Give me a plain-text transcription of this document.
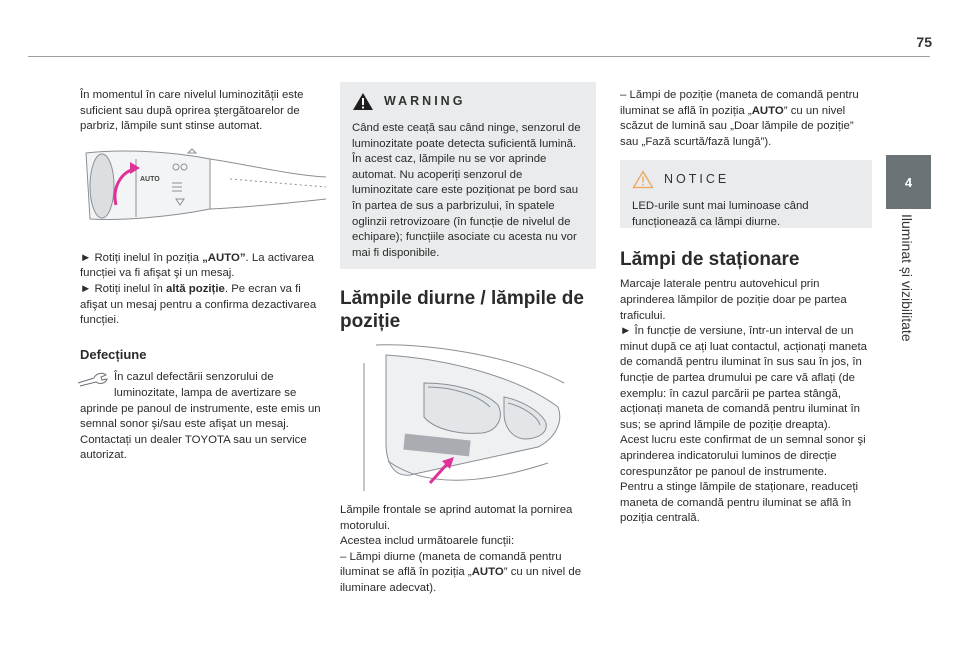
75
4
Iluminat și vizibilitate

În momentul în care nivelul luminozității este suficient sau după oprirea ştergătoarelor de parbriz, lămpile sunt stinse automat.

AUTO

► Rotiți inelul în poziția „AUTO”. La activarea funcției va fi afişat şi un mesaj.

► Rotiți inelul în altă poziție. Pe ecran va fi afişat un mesaj pentru a confirma dezactivarea funcției.

Defecțiune

În cazul defectării senzorului de luminozitate, lampa de avertizare se aprinde pe panoul de instrumente, este emis un semnal sonor şi/sau este afişat un mesaj. Contactați un dealer TOYOTA sau un service autorizat.

WARNING

Când este ceață sau când ninge, senzorul de luminozitate poate detecta suficientă lumină. În acest caz, lămpile nu se vor aprinde automat. Nu acoperiți senzorul de luminozitate care este poziționat pe bord sau în partea de sus a parbrizului, în spatele oglinzii retrovizoare (în funcție de nivelul de echipare); funcțiile asociate cu acesta nu vor mai fi disponibile.

Lămpile diurne / lămpile de poziție

Lămpile frontale se aprind automat la pornirea motorului.

Acestea includ următoarele funcții:

– Lămpi diurne (maneta de comandă pentru iluminat se află în poziția „AUTO” cu un nivel de iluminare adecvat).

– Lămpi de poziție (maneta de comandă pentru iluminat se află în poziția „AUTO” cu un nivel scăzut de lumină sau „Doar lămpile de poziție” sau „Fază scurtă/fază lungă”).

NOTICE

LED-urile sunt mai luminoase când funcționează ca lămpi diurne.

Lămpi de staționare

Marcaje laterale pentru autovehicul prin aprinderea lămpilor de poziție doar pe partea traficului.

► În funcție de versiune, într-un interval de un minut după ce ați luat contactul, acționați maneta de comandă pentru iluminat în sus sau în jos, în funcție de partea drumului pe care vă aflați (de exemplu: în cazul parcării pe partea stângă, acționați maneta de comandă pentru iluminat în sus; se aprind lămpile de poziție dreapta).

Acest lucru este confirmat de un semnal sonor şi aprinderea indicatorului luminos de direcție corespunzător pe panoul de instrumente.

Pentru a stinge lămpile de staționare, readuceți maneta de comandă pentru iluminat se află în poziția centrală.
